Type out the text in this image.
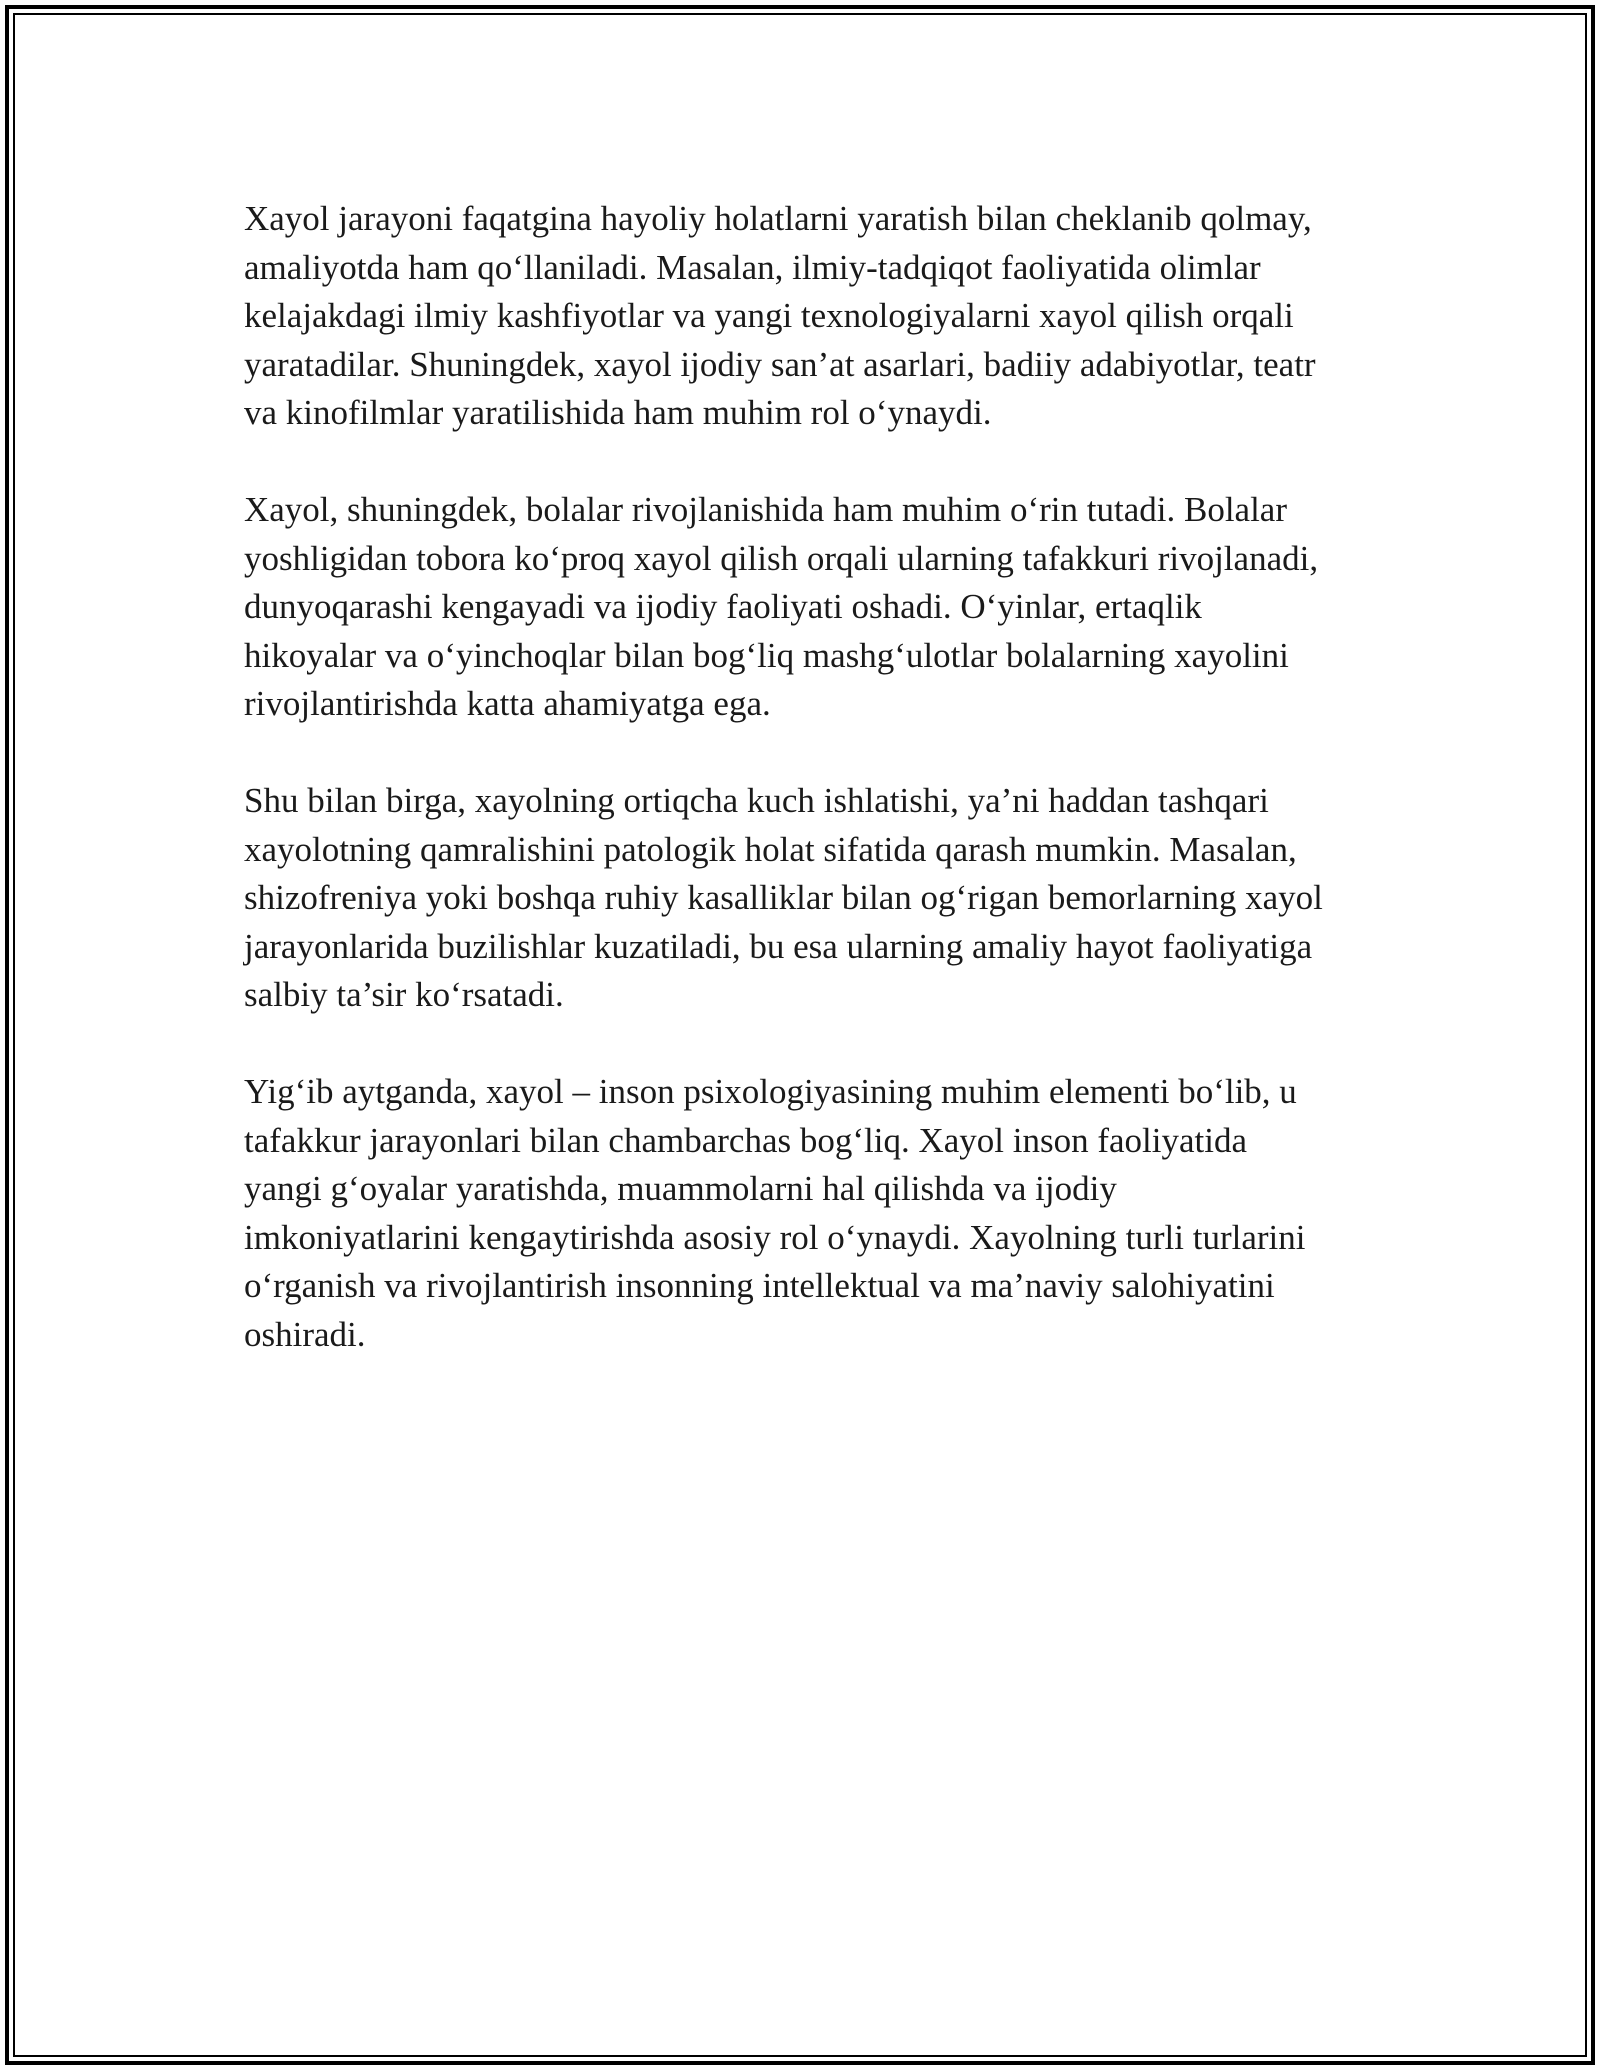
Xayol jarayoni faqatgina hayoliy holatlarni yaratish bilan cheklanib qolmay,
amaliyotda ham qo‘llaniladi. Masalan, ilmiy-tadqiqot faoliyatida olimlar
kelajakdagi ilmiy kashfiyotlar va yangi texnologiyalarni xayol qilish orqali
yaratadilar. Shuningdek, xayol ijodiy san’at asarlari, badiiy adabiyotlar, teatr
va kinofilmlar yaratilishida ham muhim rol o‘ynaydi.

Xayol, shuningdek, bolalar rivojlanishida ham muhim o‘rin tutadi. Bolalar
yoshligidan tobora ko‘proq xayol qilish orqali ularning tafakkuri rivojlanadi,
dunyoqarashi kengayadi va ijodiy faoliyati oshadi. O‘yinlar, ertaqlik
hikoyalar va o‘yinchoqlar bilan bog‘liq mashg‘ulotlar bolalarning xayolini
rivojlantirishda katta ahamiyatga ega.

Shu bilan birga, xayolning ortiqcha kuch ishlatishi, ya’ni haddan tashqari
xayolotning qamralishini patologik holat sifatida qarash mumkin. Masalan,
shizofreniya yoki boshqa ruhiy kasalliklar bilan og‘rigan bemorlarning xayol
jarayonlarida buzilishlar kuzatiladi, bu esa ularning amaliy hayot faoliyatiga
salbiy ta’sir ko‘rsatadi.

Yig‘ib aytganda, xayol – inson psixologiyasining muhim elementi bo‘lib, u
tafakkur jarayonlari bilan chambarchas bog‘liq. Xayol inson faoliyatida
yangi g‘oyalar yaratishda, muammolarni hal qilishda va ijodiy
imkoniyatlarini kengaytirishda asosiy rol o‘ynaydi. Xayolning turli turlarini
o‘rganish va rivojlantirish insonning intellektual va ma’naviy salohiyatini
oshiradi.
